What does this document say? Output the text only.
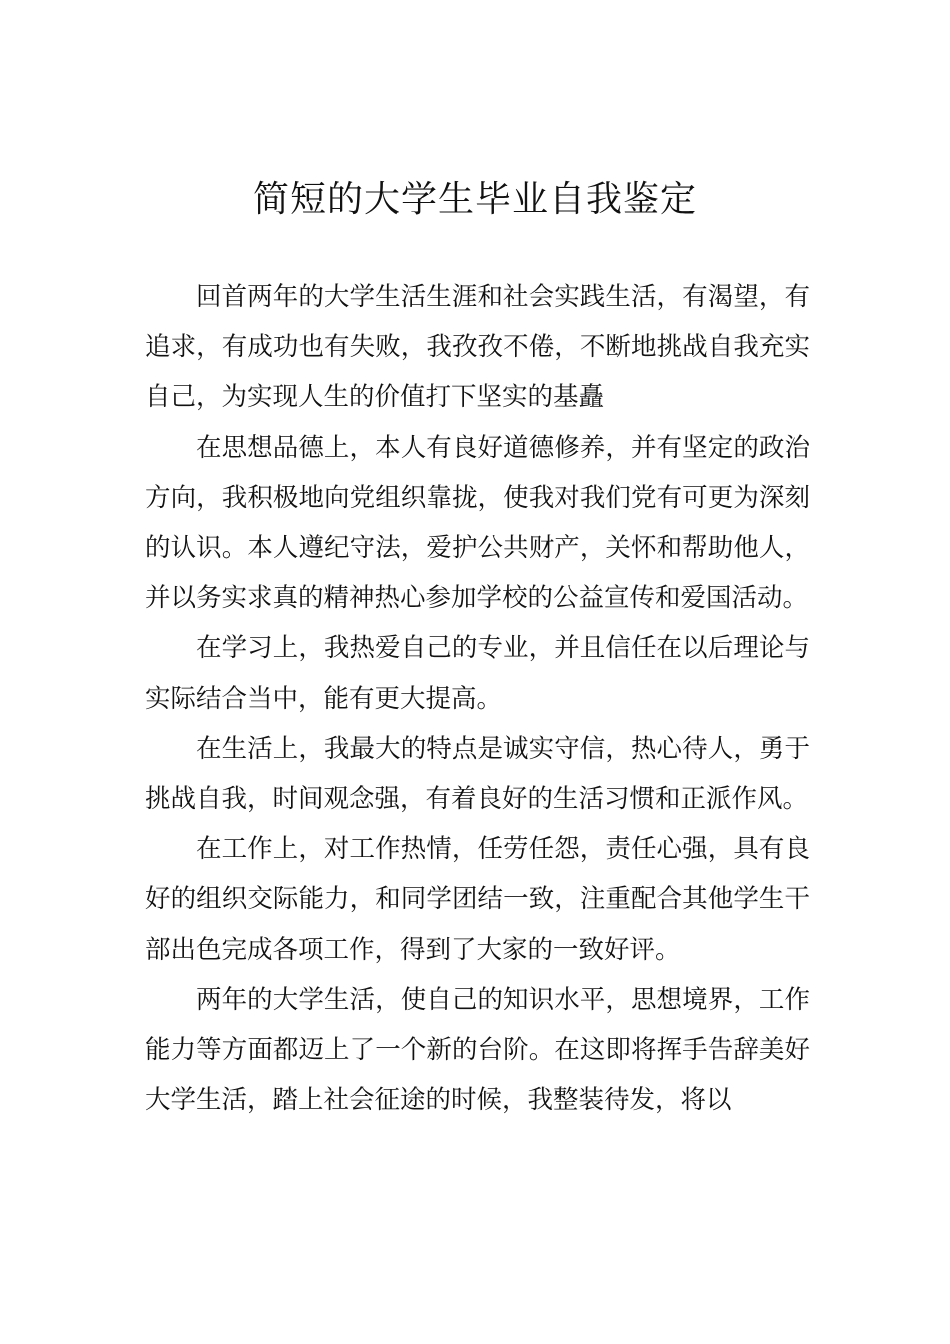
简短的大学生毕业自我鉴定

回首两年的大学生活生涯和社会实践生活，有渴望，有追求，有成功也有失败，我孜孜不倦，不断地挑战自我充实自己，为实现人生的价值打下坚实的基矗

在思想品德上，本人有良好道德修养，并有坚定的政治方向，我积极地向党组织靠拢，使我对我们党有可更为深刻的认识。本人遵纪守法，爱护公共财产，关怀和帮助他人，并以务实求真的精神热心参加学校的公益宣传和爱国活动。

在学习上，我热爱自己的专业，并且信任在以后理论与实际结合当中，能有更大提高。

在生活上，我最大的特点是诚实守信，热心待人，勇于挑战自我，时间观念强，有着良好的生活习惯和正派作风。

在工作上，对工作热情，任劳任怨，责任心强，具有良好的组织交际能力，和同学团结一致，注重配合其他学生干部出色完成各项工作，得到了大家的一致好评。

两年的大学生活，使自己的知识水平，思想境界，工作能力等方面都迈上了一个新的台阶。在这即将挥手告辞美好大学生活，踏上社会征途的时候，我整装待发，将以
